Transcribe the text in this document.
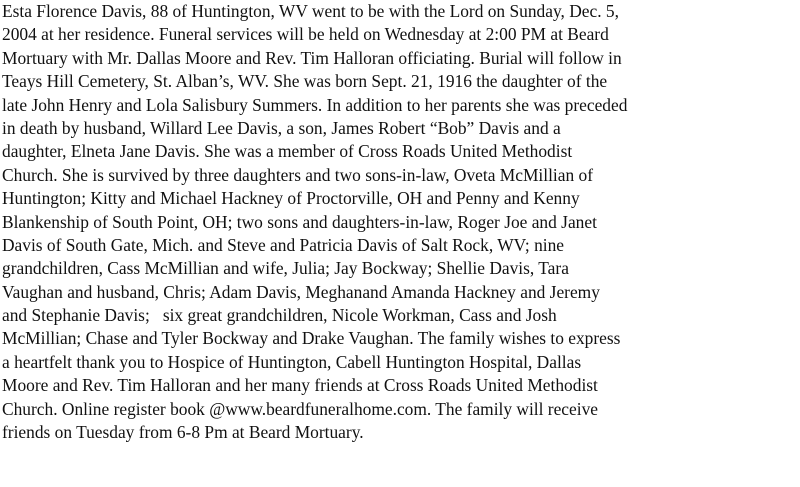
Esta Florence Davis, 88 of Huntington, WV went to be with the Lord on Sunday, Dec. 5,
2004 at her residence. Funeral services will be held on Wednesday at 2:00 PM at Beard
Mortuary with Mr. Dallas Moore and Rev. Tim Halloran officiating. Burial will follow in
Teays Hill Cemetery, St. Alban’s, WV. She was born Sept. 21, 1916 the daughter of the
late John Henry and Lola Salisbury Summers. In addition to her parents she was preceded
in death by husband, Willard Lee Davis, a son, James Robert “Bob” Davis and a
daughter, Elneta Jane Davis. She was a member of Cross Roads United Methodist
Church. She is survived by three daughters and two sons-in-law, Oveta McMillian of
Huntington; Kitty and Michael Hackney of Proctorville, OH and Penny and Kenny
Blankenship of South Point, OH; two sons and daughters-in-law, Roger Joe and Janet
Davis of South Gate, Mich. and Steve and Patricia Davis of Salt Rock, WV; nine
grandchildren, Cass McMillian and wife, Julia; Jay Bockway; Shellie Davis, Tara
Vaughan and husband, Chris; Adam Davis, Meghanand Amanda Hackney and Jeremy
and Stephanie Davis;   six great grandchildren, Nicole Workman, Cass and Josh
McMillian; Chase and Tyler Bockway and Drake Vaughan. The family wishes to express
a heartfelt thank you to Hospice of Huntington, Cabell Huntington Hospital, Dallas
Moore and Rev. Tim Halloran and her many friends at Cross Roads United Methodist
Church. Online register book @www.beardfuneralhome.com. The family will receive
friends on Tuesday from 6-8 Pm at Beard Mortuary.
